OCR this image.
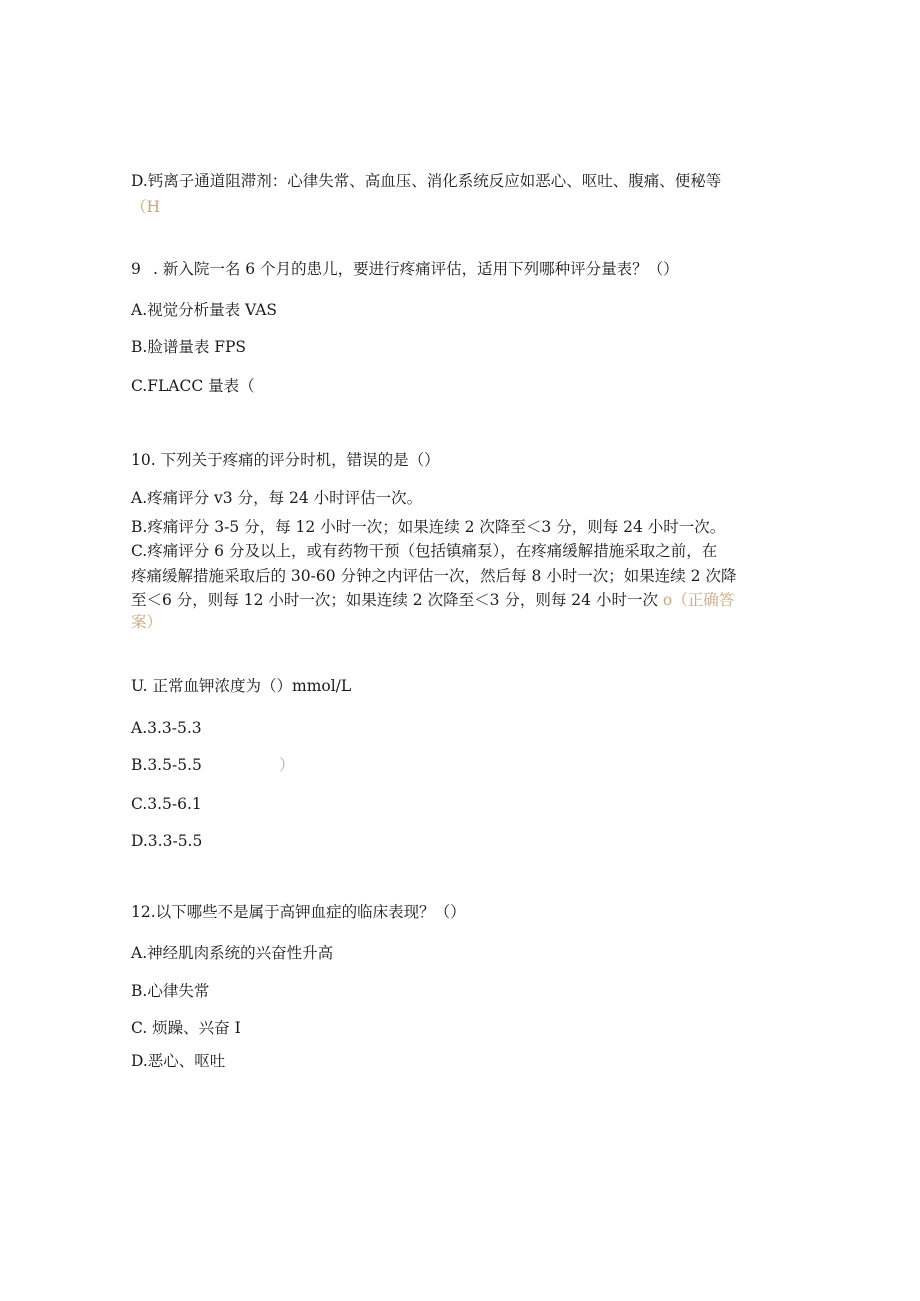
D.钙离子通道阻滞剂：心律失常、高血压、消化系统反应如恶心、呕吐、腹痛、便秘等

（H

9 . 新入院一名 6 个月的患儿，要进行疼痛评估，适用下列哪种评分量表？（）

A.视觉分析量表 VAS

B.脸谱量表 FPS

C.FLACC 量表（

10. 下列关于疼痛的评分时机，错误的是（）

A.疼痛评分 v3 分，每 24 小时评估一次。

B.疼痛评分 3-5 分，每 12 小时一次；如果连续 2 次降至＜3 分，则每 24 小时一次。

C.疼痛评分 6 分及以上，或有药物干预（包括镇痛泵），在疼痛缓解措施采取之前，在

疼痛缓解措施采取后的 30-60 分钟之内评估一次，然后每 8 小时一次；如果连续 2 次降

至＜6 分，则每 12 小时一次；如果连续 2 次降至＜3 分，则每 24 小时一次 o（正确答

案）

U. 正常血钾浓度为（）mmol/L

A.3.3-5.3

B.3.5-5.5	）

C.3.5-6.1

D.3.3-5.5

12.以下哪些不是属于高钾血症的临床表现？（）

A.神经肌肉系统的兴奋性升高

B.心律失常

C. 烦躁、兴奋 I

D.恶心、呕吐
